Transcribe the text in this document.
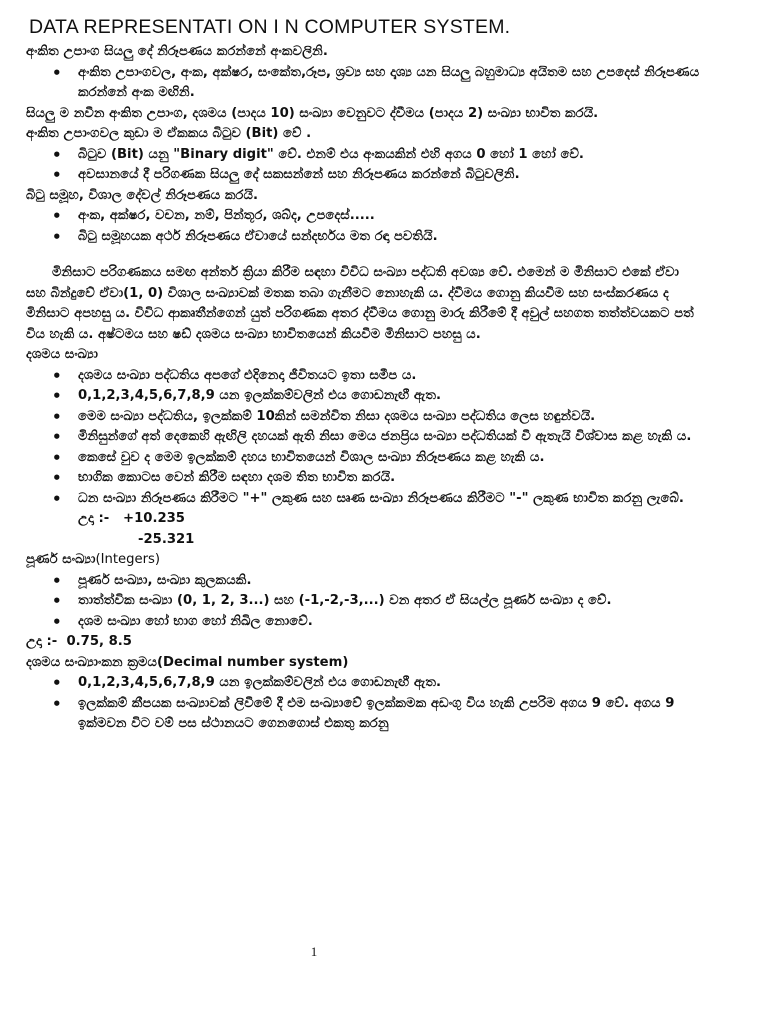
DATA REPRESENTATI ON I N COMPUTER SYSTEM.

අංකිත උපාංග සියලු දේ නිරූපණය කරන්නේ අංකවලිනි.

• අංකිත උපාංගවල, අංක, අක්ෂර, සංකේත,රූප, ශ්‍රව්‍ය සහ දෘශ්‍ය යන සියලු බහුමාධ්‍ය අයිතම සහ උපදෙස් නිරූපණය කරන්නේ අංක මඟිනි.

සියලු ම නවීන අංකිත උපාංග, දශමය (පාදය 10) සංඛ්‍යා වෙනුවට ද්වීමය (පාදය 2) සංඛ්‍යා භාවිත කරයි.

අංකිත උපාංගවල කුඩා ම ඒකකය බිටුව (Bit) වේ .

• බිටුව (Bit) යනු "Binary digit" වේ. එනම් එය අංකයකින් එහි අගය 0 හෝ 1 හෝ වේ.
• අවසානයේ දී පරිගණක සියලු දේ සකසන්නේ සහ නිරූපණය කරන්නේ බිටුවලිනි.

බිටු සමූහ, විශාල දේවල් නිරූපණය කරයි.

• අංක, අක්ෂර, වචන, නම්, පින්තූර, ශබ්ද, උපදෙස්.....
• බිටු සමූහයක අර්ථ නිරූපණය ඒවායේ සන්දර්භය මත රඳා පවතියි.

මිනිසාට පරිගණකය සමඟ අන්තර් ක්‍රියා කිරීම සඳහා විවිධ සංඛ්‍යා පද්ධති අවශ්‍ය වේ. එමෙන් ම මිනිසාට එකේ ඒවා සහ බින්දුවේ ඒවා(1, 0) විශාල සංඛ්‍යාවක් මතක තබා ගැනීමට නොහැකි ය. ද්වීමය ගොනු කියවීම සහ සංස්කරණය ද මිනිසාට අපහසු ය. විවිධ ආකෘතීන්ගෙන් යුත් පරිගණක අතර ද්වීමය ගොනු මාරු කිරීමේ දී අවුල් සහගත තත්ත්වයකට පත් විය හැකි ය. අෂ්ටමය සහ ෂඩ් දශමය සංඛ්‍යා භාවිතයෙන් කියවීම මිනිසාට පහසු ය.

දශමය සංඛ්‍යා

• දශමය සංඛ්‍යා පද්ධතිය අපගේ එදිනෙදා ජීවිතයට ඉතා සමීප ය.
• 0,1,2,3,4,5,6,7,8,9 යන ඉලක්කම්වලින් එය ගොඩනැඟී ඇත.
• මෙම සංඛ්‍යා පද්ධතිය, ඉලක්කම් 10කින් සමන්විත නිසා දශමය සංඛ්‍යා පද්ධතිය ලෙස හඳුන්වයි.
• මිනිසුන්ගේ අත් දෙකෙහි ඇඟිලි දහයක් ඇති නිසා මෙය ජනප්‍රිය සංඛ්‍යා පද්ධතියක් වී ඇතැයි විශ්වාස කළ හැකි ය.
• කෙසේ වුව ද මෙම ඉලක්කම් දහය භාවිතයෙන් විශාල සංඛ්‍යා නිරූපණය කළ හැකි ය.
• භාගික කොටස වෙන් කිරීම සඳහා දශම තිත භාවිත කරයි.
• ධන සංඛ්‍යා නිරූපණය කිරීමට "+" ලකුණ සහ සෘණ සංඛ්‍යා නිරූපණය කිරීමට "-" ලකුණ භාවිත කරනු ලැබේ.
උදා :- +10.235
-25.321

පූර්ණ සංඛ්‍යා(Integers)

• පූර්ණ සංඛ්‍යා, සංඛ්‍යා කුලකයකි.
• තාත්ත්වික සංඛ්‍යා (0, 1, 2, 3...) සහ (-1,-2,-3,...) වන අතර ඒ සියල්ල පූර්ණ සංඛ්‍යා ද වේ.
• දශම සංඛ්‍යා හෝ භාග හෝ නිඛිල නොවේ.

උදා :- 0.75, 8.5

දශමය සංඛ්‍යාංකන ක්‍රමය(Decimal number system)

• 0,1,2,3,4,5,6,7,8,9 යන ඉලක්කම්වලින් එය ගොඩනැඟී ඇත.
• ඉලක්කම් කීපයක සංඛ්‍යාවක් ලිවීමේ දී එම සංඛ්‍යාවේ ඉලක්කමක අඩංගු විය හැකි උපරිම අගය 9 වේ. අගය 9 ඉක්මවන විට වම් පස ස්ථානයට ගෙනගොස් එකතු කරනු
1
